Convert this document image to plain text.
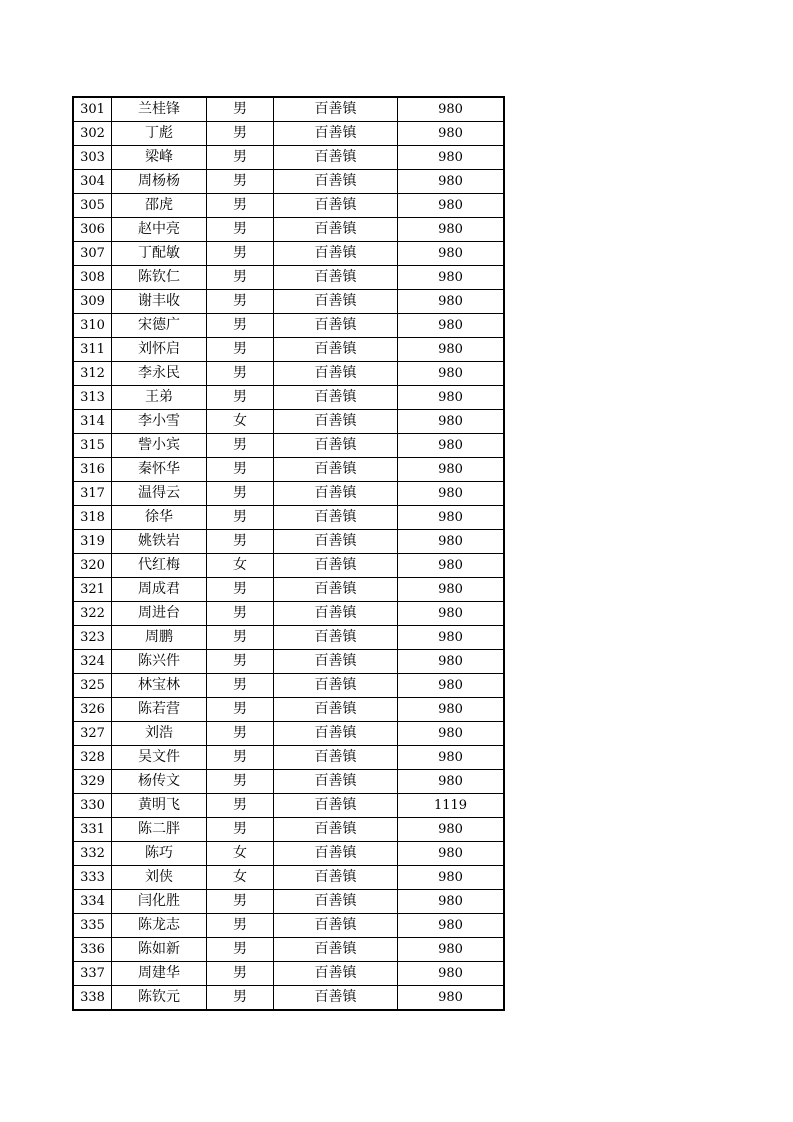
301	兰桂锋	男	百善镇	980
302	丁彪	男	百善镇	980
303	梁峰	男	百善镇	980
304	周杨杨	男	百善镇	980
305	邵虎	男	百善镇	980
306	赵中亮	男	百善镇	980
307	丁配敏	男	百善镇	980
308	陈钦仁	男	百善镇	980
309	谢丰收	男	百善镇	980
310	宋德广	男	百善镇	980
311	刘怀启	男	百善镇	980
312	李永民	男	百善镇	980
313	王弟	男	百善镇	980
314	李小雪	女	百善镇	980
315	訾小宾	男	百善镇	980
316	秦怀华	男	百善镇	980
317	温得云	男	百善镇	980
318	徐华	男	百善镇	980
319	姚铁岩	男	百善镇	980
320	代红梅	女	百善镇	980
321	周成君	男	百善镇	980
322	周进台	男	百善镇	980
323	周鹏	男	百善镇	980
324	陈兴件	男	百善镇	980
325	林宝林	男	百善镇	980
326	陈若营	男	百善镇	980
327	刘浩	男	百善镇	980
328	吴文件	男	百善镇	980
329	杨传文	男	百善镇	980
330	黄明飞	男	百善镇	1119
331	陈二胖	男	百善镇	980
332	陈巧	女	百善镇	980
333	刘侠	女	百善镇	980
334	闫化胜	男	百善镇	980
335	陈龙志	男	百善镇	980
336	陈如新	男	百善镇	980
337	周建华	男	百善镇	980
338	陈钦元	男	百善镇	980
